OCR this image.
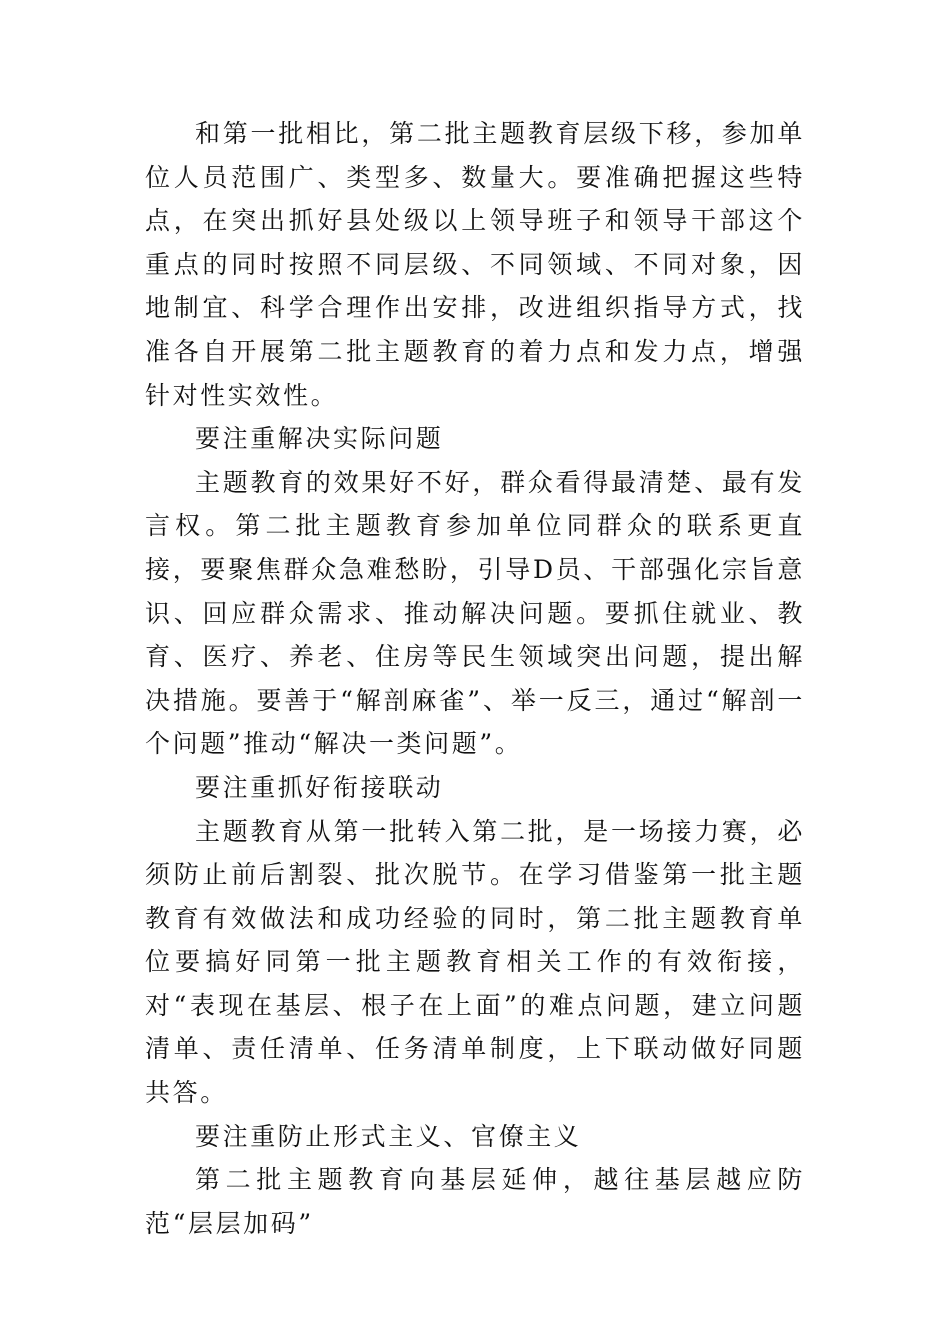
和第一批相比，第二批主题教育层级下移，参加单位人员范围广、类型多、数量大。要准确把握这些特点，在突出抓好县处级以上领导班子和领导干部这个重点的同时按照不同层级、不同领域、不同对象，因地制宜、科学合理作出安排，改进组织指导方式，找准各自开展第二批主题教育的着力点和发力点，增强针对性实效性。

要注重解决实际问题

主题教育的效果好不好，群众看得最清楚、最有发言权。第二批主题教育参加单位同群众的联系更直接，要聚焦群众急难愁盼，引导D员、干部强化宗旨意识、回应群众需求、推动解决问题。要抓住就业、教育、医疗、养老、住房等民生领域突出问题，提出解决措施。要善于“解剖麻雀”、举一反三，通过“解剖一个问题”推动“解决一类问题”。

要注重抓好衔接联动

主题教育从第一批转入第二批，是一场接力赛，必须防止前后割裂、批次脱节。在学习借鉴第一批主题教育有效做法和成功经验的同时，第二批主题教育单位要搞好同第一批主题教育相关工作的有效衔接，对“表现在基层、根子在上面”的难点问题，建立问题清单、责任清单、任务清单制度，上下联动做好同题共答。

要注重防止形式主义、官僚主义

第二批主题教育向基层延伸，越往基层越应防范“层层加码”
